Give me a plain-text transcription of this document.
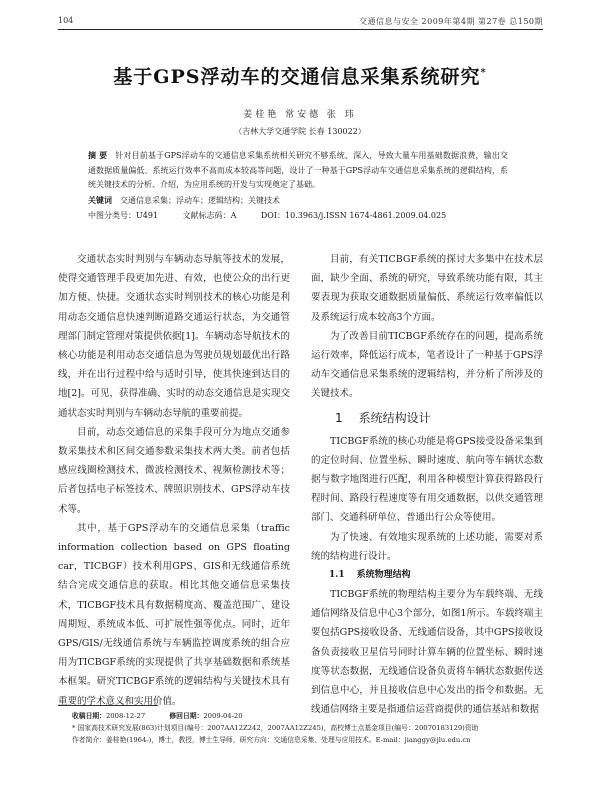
104	交通信息与安全 2009年第4期 第27卷 总150期
基于GPS浮动车的交通信息采集系统研究*
姜桂艳 常安德 张 玮
（吉林大学交通学院 长春 130022）
摘 要 针对目前基于GPS浮动车的交通信息采集系统相关研究不够系统、深入，导致大量车用基础数据浪费，输出交通数据质量偏低、系统运行效率不高而成本较高等问题，设计了一种基于GPS浮动车交通信息采集系统的逻辑结构，系统关键技术的分析、介绍，为应用系统的开发与实现奠定了基础。
关键词 交通信息采集；浮动车；逻辑结构；关键技术
中图分类号：U491	文献标志码：A	DOI：10.3963/j.ISSN 1674-4861.2009.04.025

交通状态实时判别与车辆动态导航等技术的发展，使得交通管理手段更加先进、有效，也使公众的出行更加方便、快捷。交通状态实时判别技术的核心功能是利用动态交通信息快速判断道路交通运行状态，为交通管理部门制定管理对策提供依据[1]。车辆动态导航技术的核心功能是利用动态交通信息为驾驶员规划最优出行路线，并在出行过程中给与适时引导，使其快速到达目的地[2]。可见，获得准确、实时的动态交通信息是实现交通状态实时判别与车辆动态导航的重要前提。

目前，动态交通信息的采集手段可分为地点交通参数采集技术和区间交通参数采集技术两大类。前者包括感应线圈检测技术、微波检测技术、视频检测技术等；后者包括电子标签技术、牌照识别技术、GPS浮动车技术等。

其中，基于GPS浮动车的交通信息采集（traffic information collection based on GPS floating car，TICBGF）技术利用GPS、GIS和无线通信系统结合完成交通信息的获取。相比其他交通信息采集技术，TICBGF技术具有数据精度高、覆盖范围广、建设周期短、系统成本低、可扩展性强等优点。同时，近年GPS/GIS/无线通信系统与车辆监控调度系统的组合应用为TICBGF系统的实现提供了共享基础数据和系统基本框架。研究TICBGF系统的逻辑结构与关键技术具有重要的学术意义和实用价值。

目前，有关TICBGF系统的探讨大多集中在技术层面，缺少全面、系统的研究，导致系统功能有限，其主要表现为获取交通数据质量偏低、系统运行效率偏低以及系统运行成本较高3个方面。

为了改善目前TICBGF系统存在的问题，提高系统运行效率，降低运行成本，笔者设计了一种基于GPS浮动车交通信息采集系统的逻辑结构，并分析了所涉及的关键技术。

1 系统结构设计

TICBGF系统的核心功能是将GPS接受设备采集到的定位时间、位置坐标、瞬时速度、航向等车辆状态数据与数字地图进行匹配，利用各种模型计算获得路段行程时间、路段行程速度等有用交通数据，以供交通管理部门、交通科研单位、普通出行公众等使用。

为了快速、有效地实现系统的上述功能，需要对系统的结构进行设计。

1.1 系统物理结构

TICBGF系统的物理结构主要分为车载终端、无线通信网络及信息中心3个部分，如图1所示。车载终端主要包括GPS接收设备、无线通信设备，其中GPS接收设备负责接收卫星信号同时计算车辆的位置坐标、瞬时速度等状态数据，无线通信设备负责将车辆状态数据传送到信息中心，并且接收信息中心发出的指令和数据。无线通信网络主要是指通信运营商提供的通信基站和数据

收稿日期：2008-12-27	修回日期：2009-04-20
* 国家高技术研究发展(863)计划项目(编号：2007AA12Z242，2007AA12Z245)，高校博士点基金项目(编号：20070183129)资助
作者简介：姜桂艳(1964-)，博士，教授，博士生导师，研究方向：交通信息采集、处理与应用技术。E-mail：jianggy@jlu.edu.cn
